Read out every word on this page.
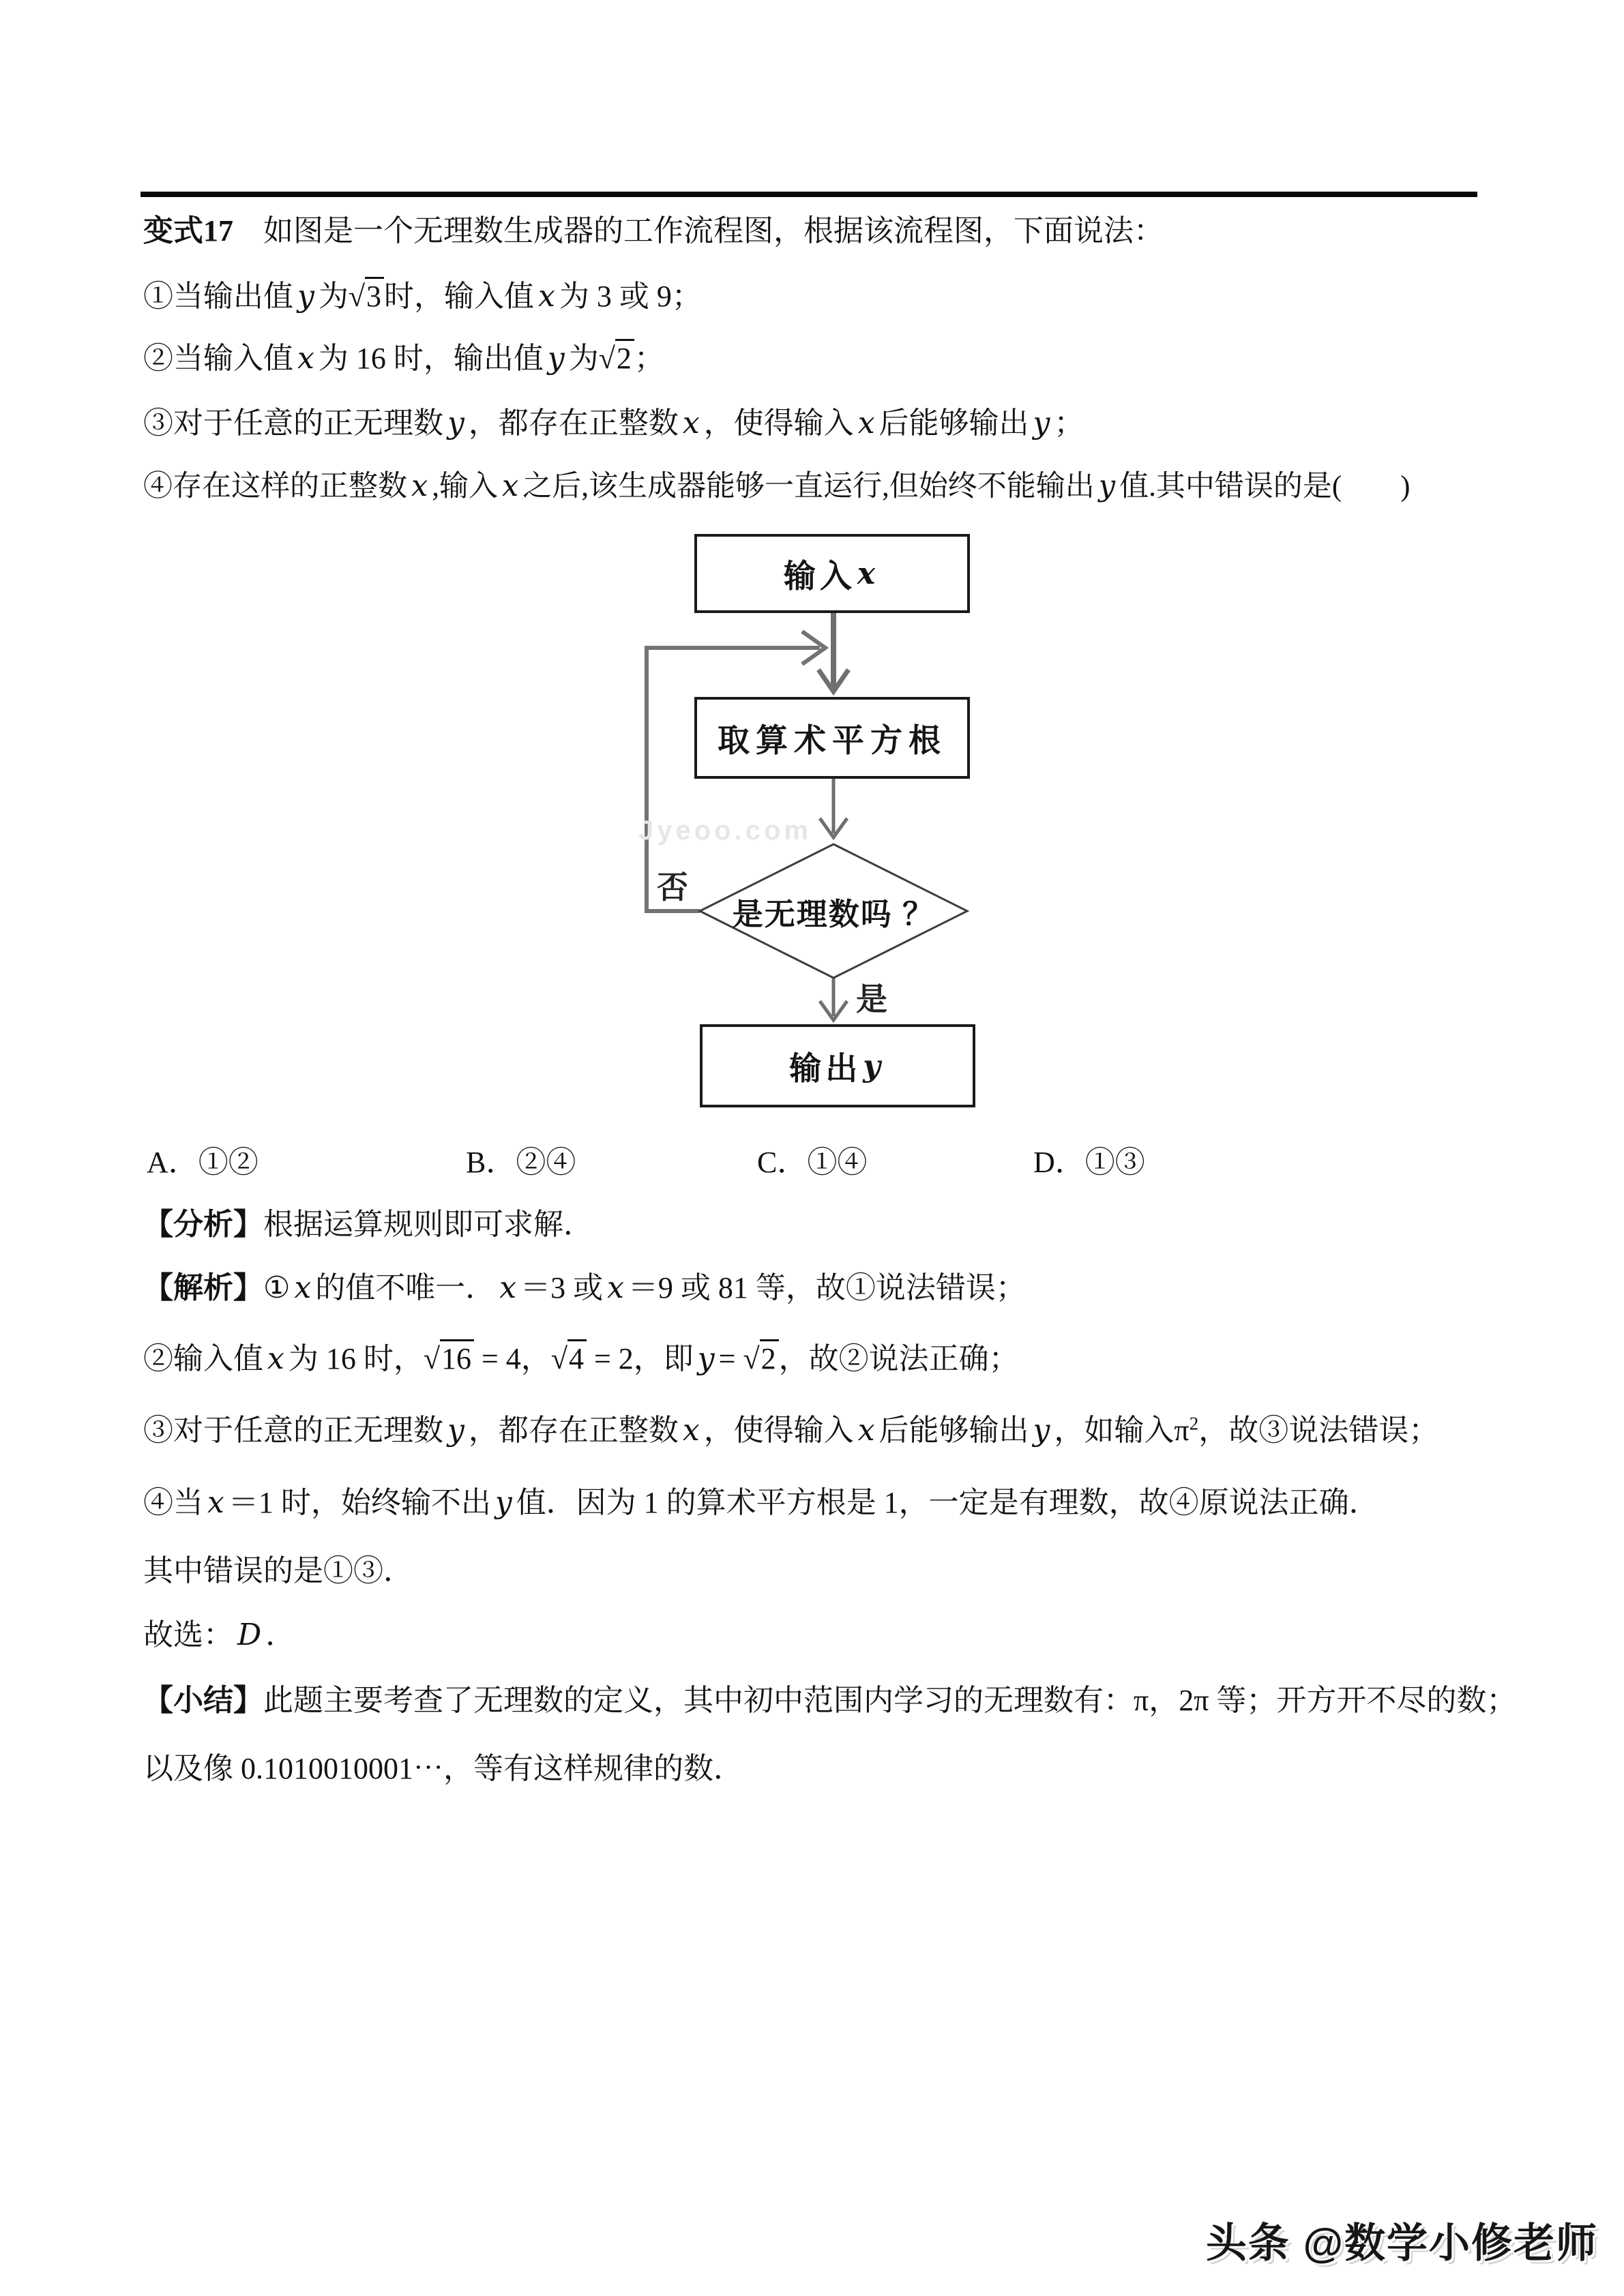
变式17　如图是一个无理数生成器的工作流程图，根据该流程图，下面说法：
①当输出值 y 为√3时，输入值 x 为 3 或 9；
②当输入值 x 为 16 时，输出值 y 为√2；
③对于任意的正无理数 y ，都存在正整数 x ，使得输入 x 后能够输出 y ；
④存在这样的正整数 x ,输入 x 之后,该生成器能够一直运行,但始终不能输出 y 值.其中错误的是(　　)
Jyeoo.com
输入 x
取算术平方根
是无理数吗 ？
输出 y
否
是
A．①②	B．②④	C．①④	D．①③
【分析】根据运算规则即可求解．
【解析】① x 的值不唯一． x ＝3 或 x ＝9 或 81 等，故①说法错误；
②输入值 x 为 16 时，√16 = 4，√4 = 2，即 y = √2，故②说法正确；
③对于任意的正无理数 y ，都存在正整数 x ，使得输入 x 后能够输出 y ，如输入$\pi^2$，故③说法错误；
④当 x ＝1 时，始终输不出 y 值．因为 1 的算术平方根是 1，一定是有理数，故④原说法正确．
其中错误的是①③．
故选： D ．
【小结】此题主要考查了无理数的定义，其中初中范围内学习的无理数有：π，2π 等；开方开不尽的数；
以及像 0.1010010001⋯，等有这样规律的数．
头条 @数学小修老师
